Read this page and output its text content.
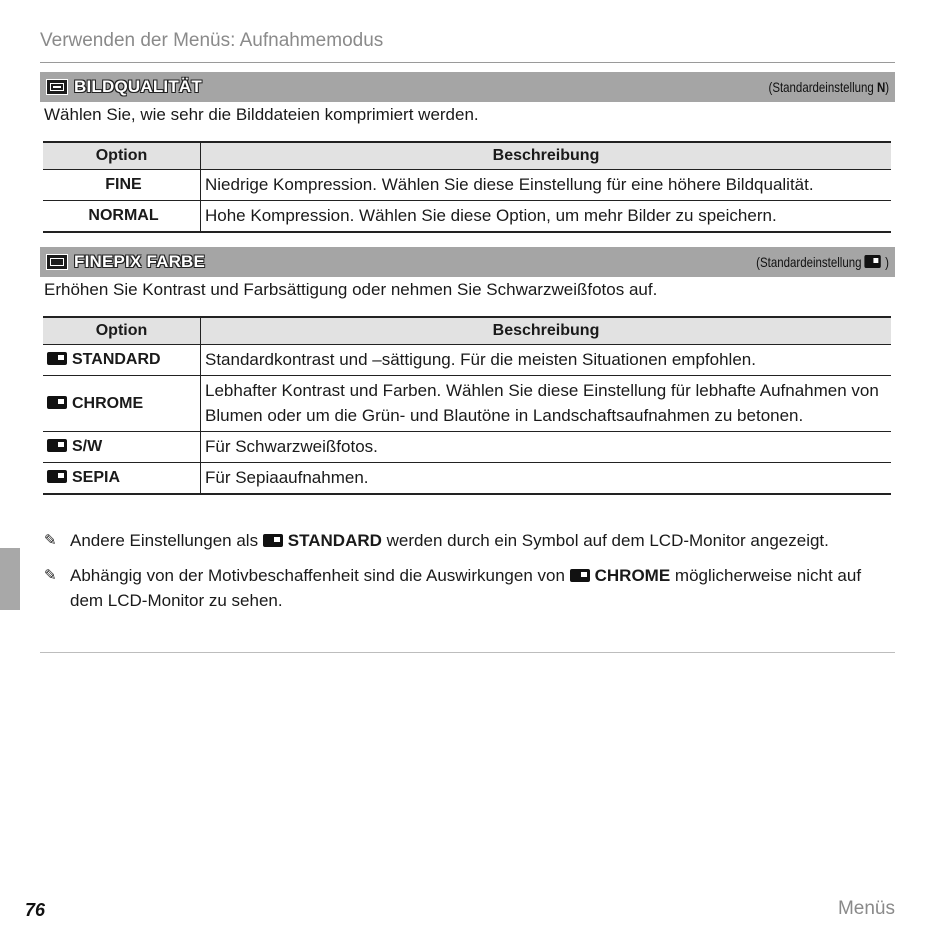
Verwenden der Menüs: Aufnahmemodus
BILDQUALITÄT	(Standardeinstellung N)
Wählen Sie, wie sehr die Bilddateien komprimiert werden.
Option	Beschreibung
FINE	Niedrige Kompression. Wählen Sie diese Einstellung für eine höhere Bildqualität.
NORMAL	Hohe Kompression. Wählen Sie diese Option, um mehr Bilder zu speichern.
FINEPIX FARBE	(Standardeinstellung )
Erhöhen Sie Kontrast und Farbsättigung oder nehmen Sie Schwarzweißfotos auf.
Option	Beschreibung
STANDARD	Standardkontrast und –sättigung. Für die meisten Situationen empfohlen.
CHROME	Lebhafter Kontrast und Farben. Wählen Sie diese Einstellung für lebhafte Aufnahmen von Blumen oder um die Grün- und Blautöne in Landschaftsaufnahmen zu betonen.
S/W	Für Schwarzweißfotos.
SEPIA	Für Sepiaaufnahmen.
✎ Andere Einstellungen als STANDARD werden durch ein Symbol auf dem LCD-Monitor angezeigt.
✎ Abhängig von der Motivbeschaffenheit sind die Auswirkungen von CHROME möglicherweise nicht auf dem LCD-Monitor zu sehen.
76	Menüs
